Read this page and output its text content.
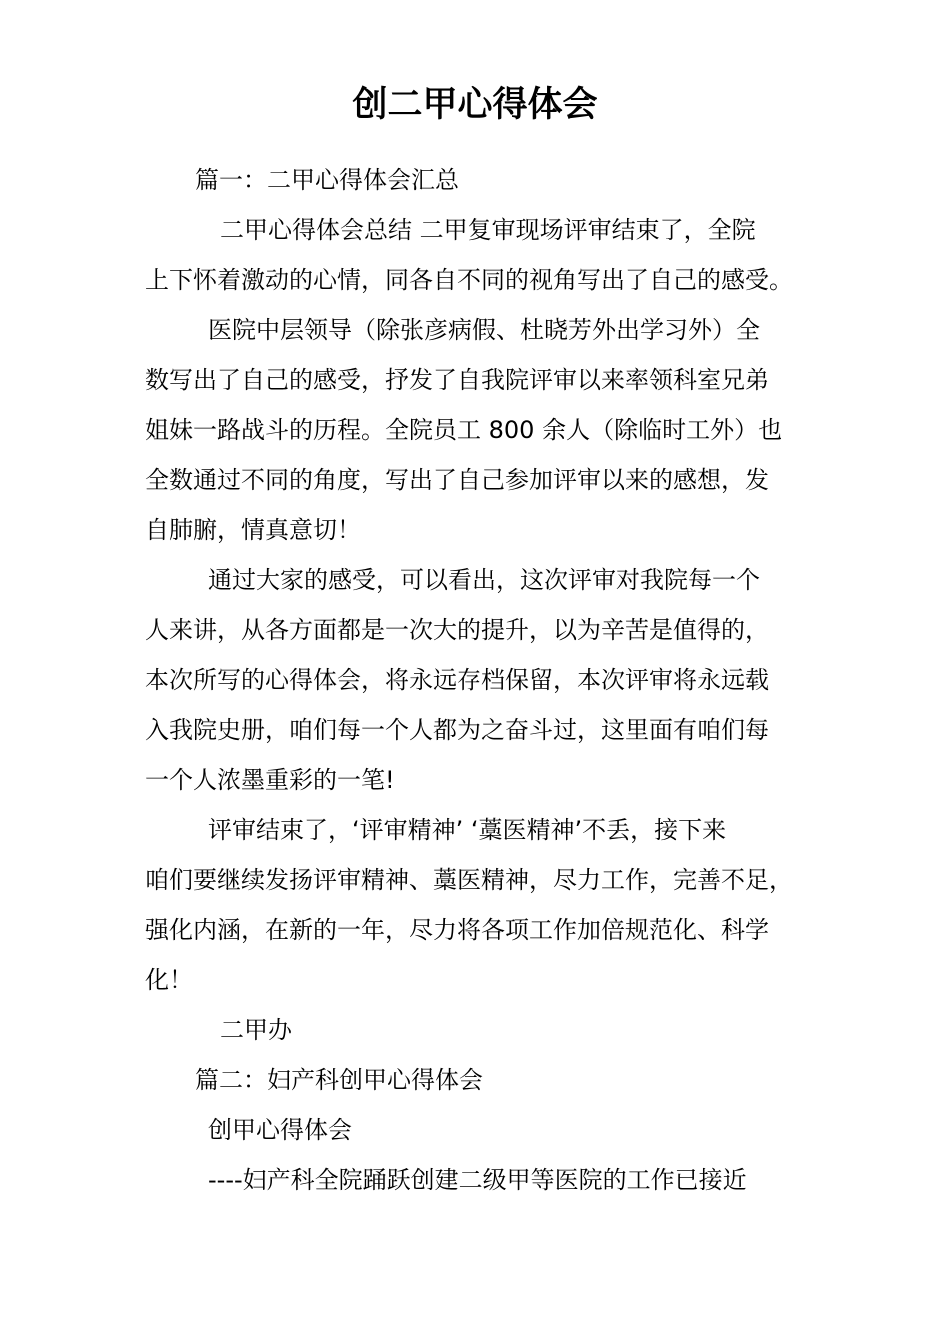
创二甲心得体会

篇一：二甲心得体会汇总

二甲心得体会总结 二甲复审现场评审结束了，全院

上下怀着激动的心情，同各自不同的视角写出了自己的感受。

医院中层领导（除张彦病假、杜晓芳外出学习外）全

数写出了自己的感受，抒发了自我院评审以来率领科室兄弟

姐妹一路战斗的历程。全院员工 800 余人（除临时工外）也

全数通过不同的角度，写出了自己参加评审以来的感想，发

自肺腑，情真意切！

通过大家的感受，可以看出，这次评审对我院每一个

人来讲，从各方面都是一次大的提升，以为辛苦是值得的，

本次所写的心得体会，将永远存档保留，本次评审将永远载

入我院史册，咱们每一个人都为之奋斗过，这里面有咱们每

一个人浓墨重彩的一笔!

评审结束了，‘评审精神’ ‘藁医精神’不丢，接下来

咱们要继续发扬评审精神、藁医精神，尽力工作，完善不足，

强化内涵，在新的一年，尽力将各项工作加倍规范化、科学

化！

二甲办

篇二：妇产科创甲心得体会

创甲心得体会

----妇产科全院踊跃创建二级甲等医院的工作已接近
